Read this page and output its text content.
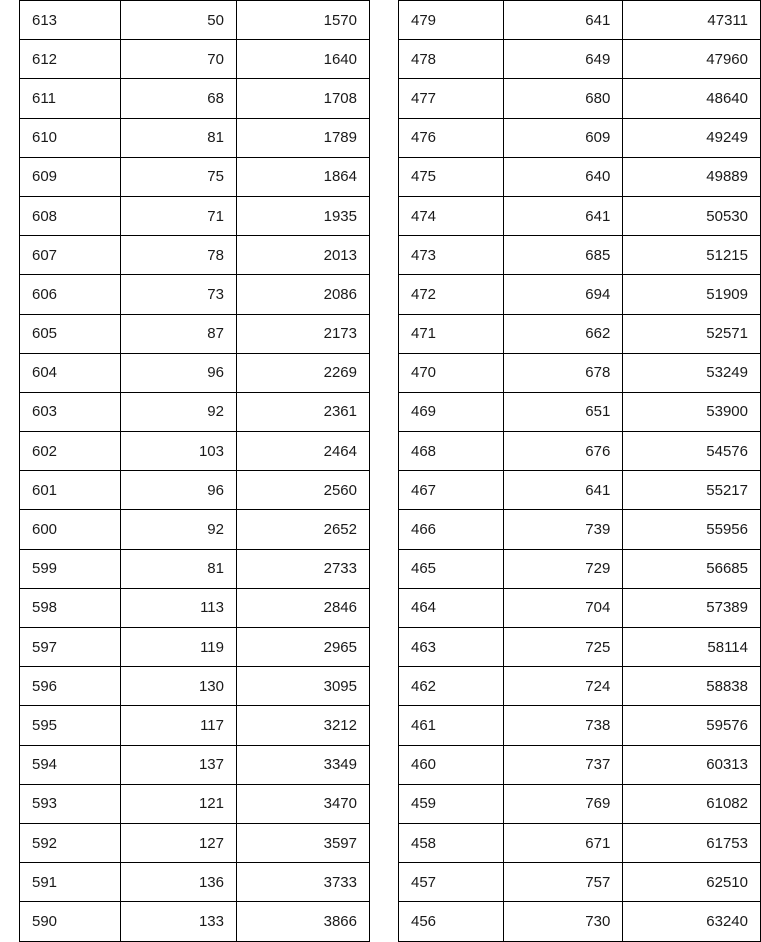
613	50	1570
612	70	1640
611	68	1708
610	81	1789
609	75	1864
608	71	1935
607	78	2013
606	73	2086
605	87	2173
604	96	2269
603	92	2361
602	103	2464
601	96	2560
600	92	2652
599	81	2733
598	113	2846
597	119	2965
596	130	3095
595	117	3212
594	137	3349
593	121	3470
592	127	3597
591	136	3733
590	133	3866
479	641	47311
478	649	47960
477	680	48640
476	609	49249
475	640	49889
474	641	50530
473	685	51215
472	694	51909
471	662	52571
470	678	53249
469	651	53900
468	676	54576
467	641	55217
466	739	55956
465	729	56685
464	704	57389
463	725	58114
462	724	58838
461	738	59576
460	737	60313
459	769	61082
458	671	61753
457	757	62510
456	730	63240
